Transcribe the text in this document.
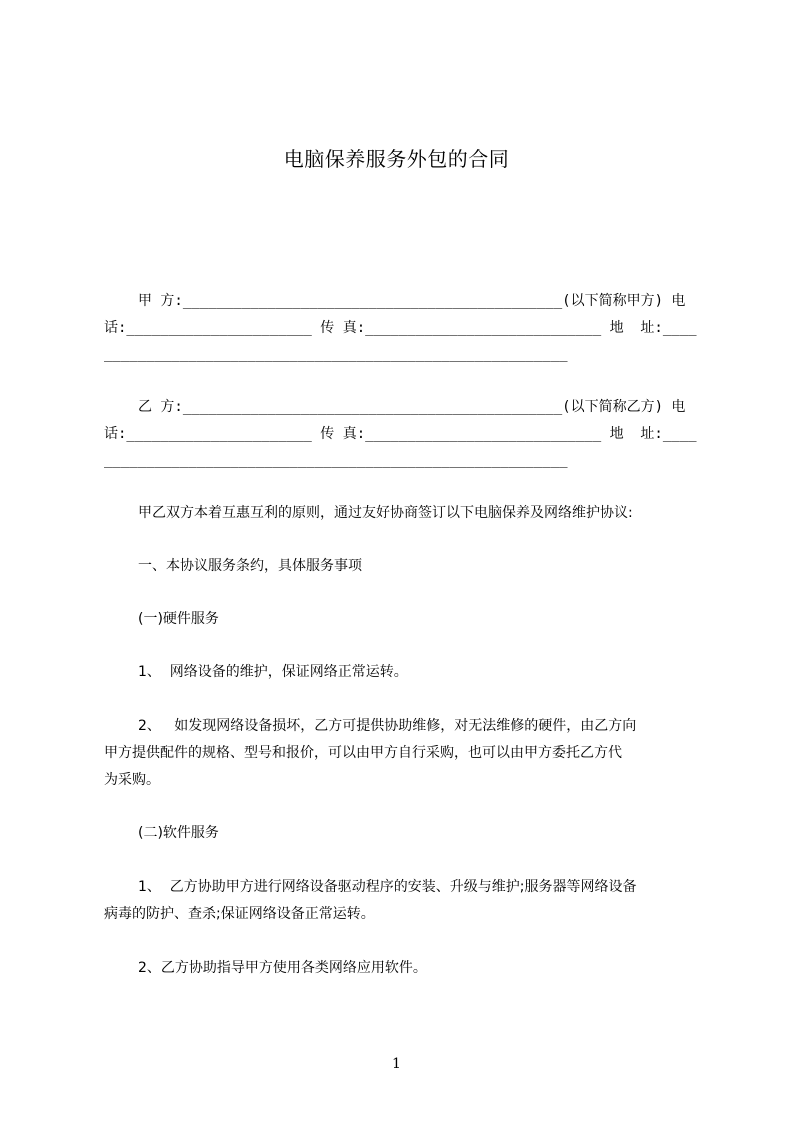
电脑保养服务外包的合同
甲 方:_____________________________________________(以下简称甲方) 电
话:______________________ 传 真:____________________________ 地  址:____
_______________________________________________________
乙 方:_____________________________________________(以下简称乙方) 电
话:______________________ 传 真:____________________________ 地  址:____
_______________________________________________________
甲乙双方本着互惠互利的原则，通过友好协商签订以下电脑保养及网络维护协议:
一、本协议服务条约，具体服务事项
(一)硬件服务
1、  网络设备的维护，保证网络正常运转。
2、   如发现网络设备损坏，乙方可提供协助维修，对无法维修的硬件，由乙方向
甲方提供配件的规格、型号和报价，可以由甲方自行采购，也可以由甲方委托乙方代
为采购。
(二)软件服务
1、  乙方协助甲方进行网络设备驱动程序的安装、升级与维护;服务器等网络设备
病毒的防护、查杀;保证网络设备正常运转。
2、乙方协助指导甲方使用各类网络应用软件。
1
